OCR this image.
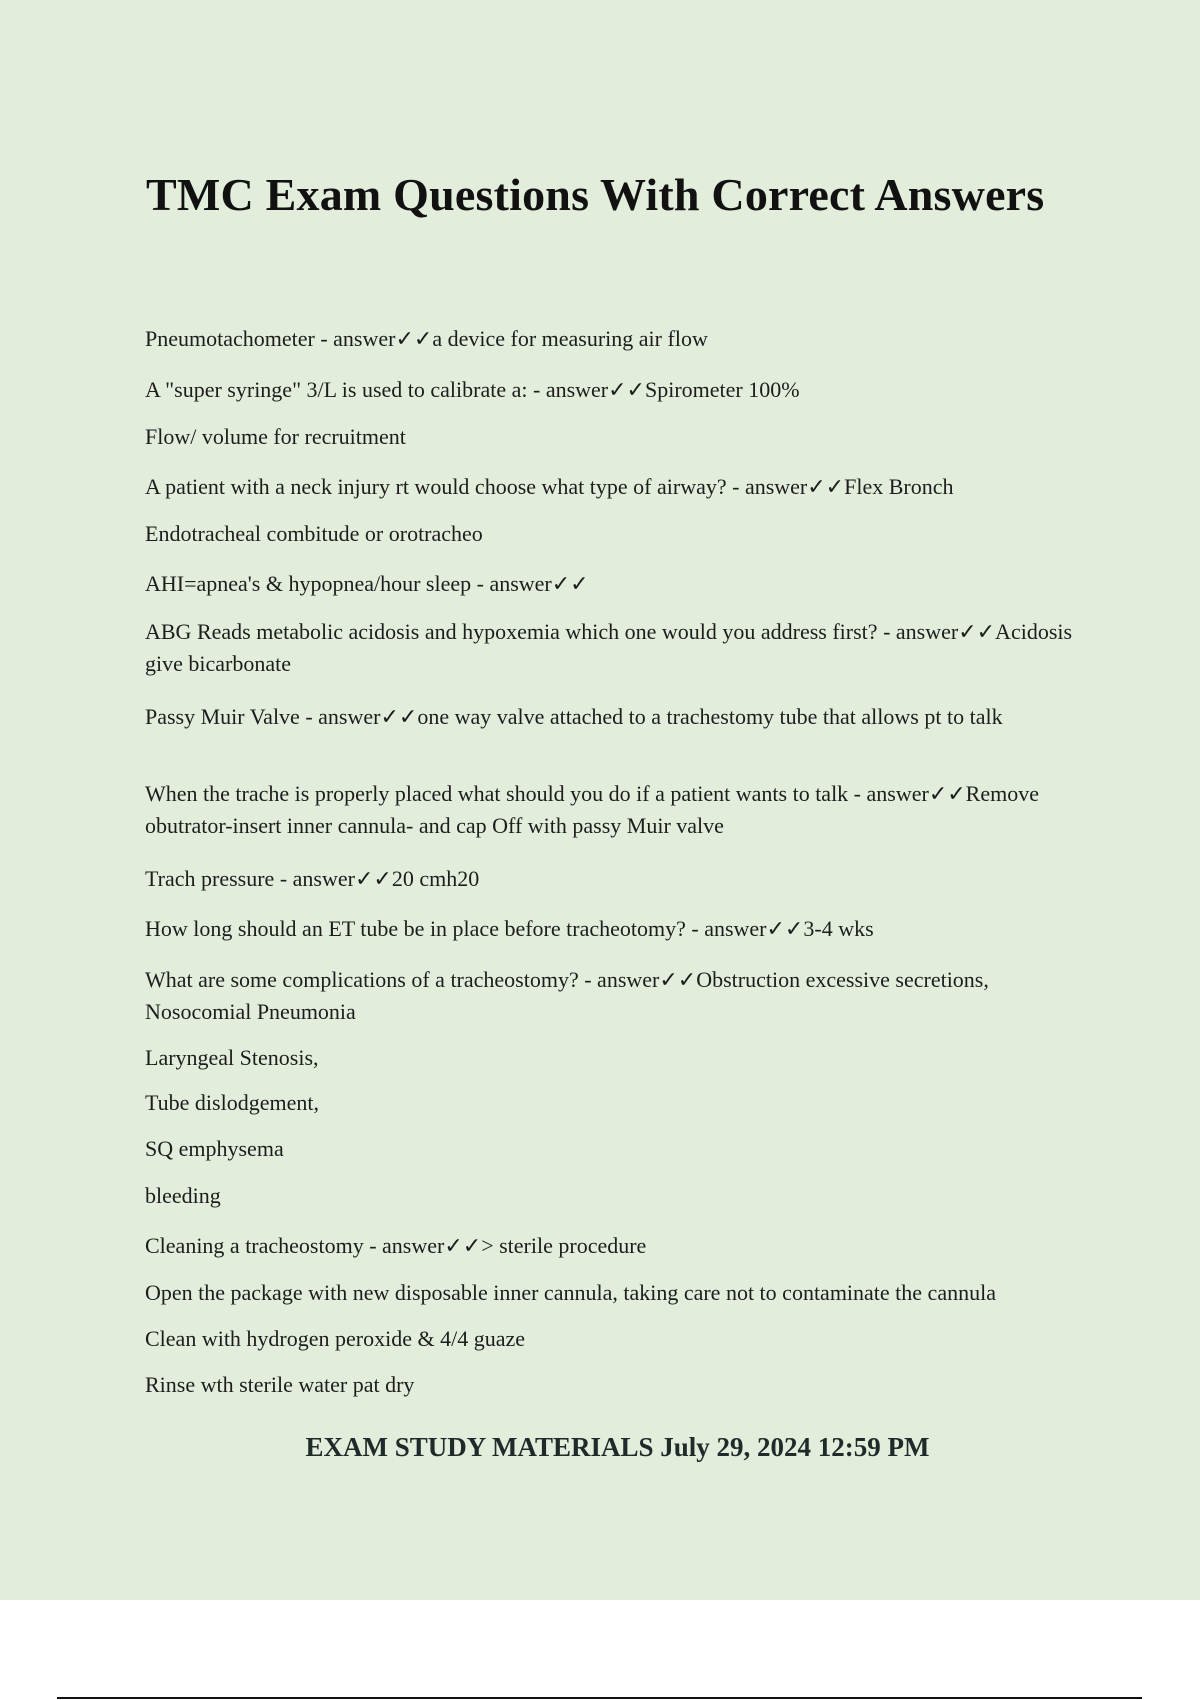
TMC Exam Questions With Correct Answers

Pneumotachometer - answer✓✓a device for measuring air flow

A "super syringe" 3/L is used to calibrate a: - answer✓✓Spirometer 100%

Flow/ volume for recruitment

A patient with a neck injury rt would choose what type of airway? - answer✓✓Flex Bronch

Endotracheal combitude or orotracheo

AHI=apnea's & hypopnea/hour sleep - answer✓✓

ABG Reads metabolic acidosis and hypoxemia which one would you address first? - answer✓✓Acidosis give bicarbonate

Passy Muir Valve - answer✓✓one way valve attached to a trachestomy tube that allows pt to talk

When the trache is properly placed what should you do if a patient wants to talk - answer✓✓Remove obutrator-insert inner cannula- and cap Off with passy Muir valve

Trach pressure - answer✓✓20 cmh20

How long should an ET tube be in place before tracheotomy? - answer✓✓3-4 wks

What are some complications of a tracheostomy? - answer✓✓Obstruction excessive secretions, Nosocomial Pneumonia

Laryngeal Stenosis,

Tube dislodgement,

SQ emphysema

bleeding

Cleaning a tracheostomy - answer✓✓> sterile procedure

Open the package with new disposable inner cannula, taking care not to contaminate the cannula

Clean with hydrogen peroxide & 4/4 guaze

Rinse wth sterile water pat dry

EXAM STUDY MATERIALS July 29, 2024 12:59 PM
